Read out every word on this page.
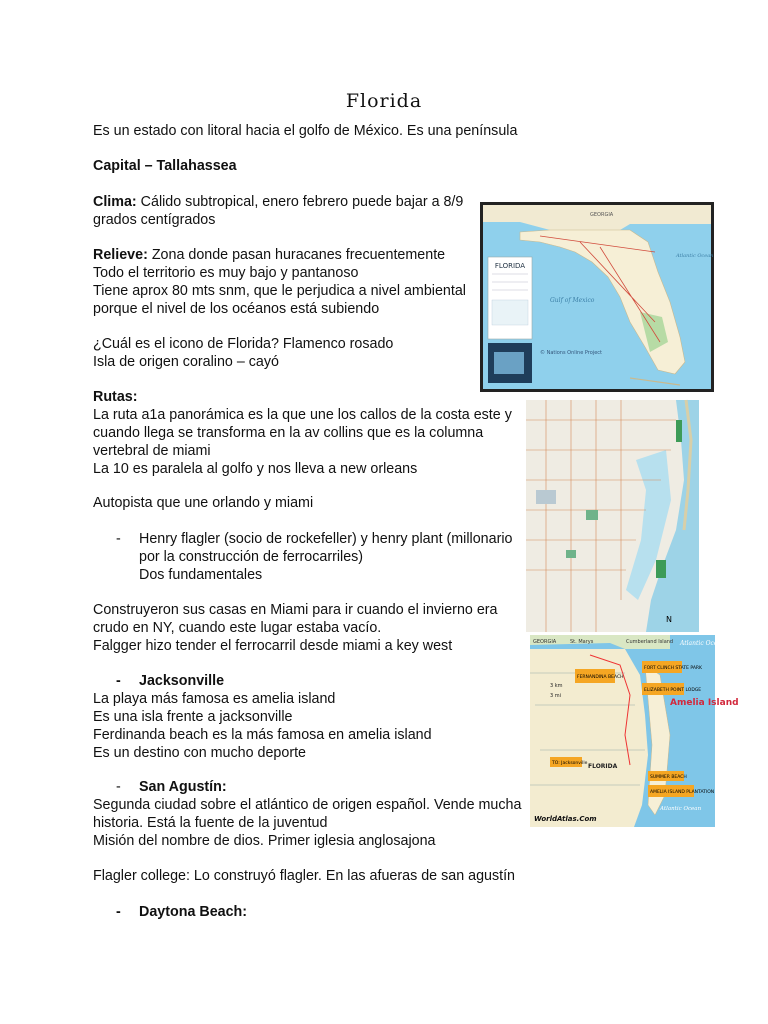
Florida
Es un estado con litoral hacia el golfo de México. Es una península
Capital – Tallahassea
Clima: Cálido subtropical, enero febrero puede bajar a 8/9
grados centígrados
Relieve: Zona donde pasan huracanes frecuentemente
Todo el territorio es muy bajo y pantanoso
Tiene aprox 80 mts snm, que le perjudica a nivel ambiental
porque el nivel de los océanos está subiendo
¿Cuál es el icono de Florida? Flamenco rosado
Isla de origen coralino – cayó
Rutas:
La ruta a1a panorámica es la que une los callos de la costa este y
cuando llega se transforma en la av collins que es la columna
vertebral de miami
La 10 es paralela al golfo y nos lleva a new orleans
Autopista que une orlando y miami
- Henry flagler (socio de rockefeller) y henry plant (millonario
por la construcción de ferrocarriles)
Dos fundamentales
Construyeron sus casas en Miami para ir cuando el invierno era
crudo en NY, cuando este lugar estaba vacío.
Falgger hizo tender el ferrocarril desde miami a key west
- Jacksonville
La playa más famosa es amelia island
Es una isla frente a jacksonville
Ferdinanda beach es la más famosa en amelia island
Es un destino con mucho deporte
- San Agustín:
Segunda ciudad sobre el atlántico de origen español. Vende mucha
historia. Está la fuente de la juventud
Misión del nombre de dios. Primer iglesia anglosajona
Flagler college: Lo construyó flagler. En las afueras de san agustín
- Daytona Beach:
FLORIDA
GEORGIA
Gulf of Mexico
Atlantic Ocean
© Nations Online Project
N
GEORGIA	St. Marys	Cumberland Island Atlantic Ocean
Amelia Island
FERNANDINA BEACH
FORT CLINCH STATE PARK
ELIZABETH POINT LODGE
SUMMER BEACH
AMELIA ISLAND PLANTATION
FLORIDA
3 km
3 mi
TO: Jacksonville
Atlantic Ocean
WorldAtlas.Com
